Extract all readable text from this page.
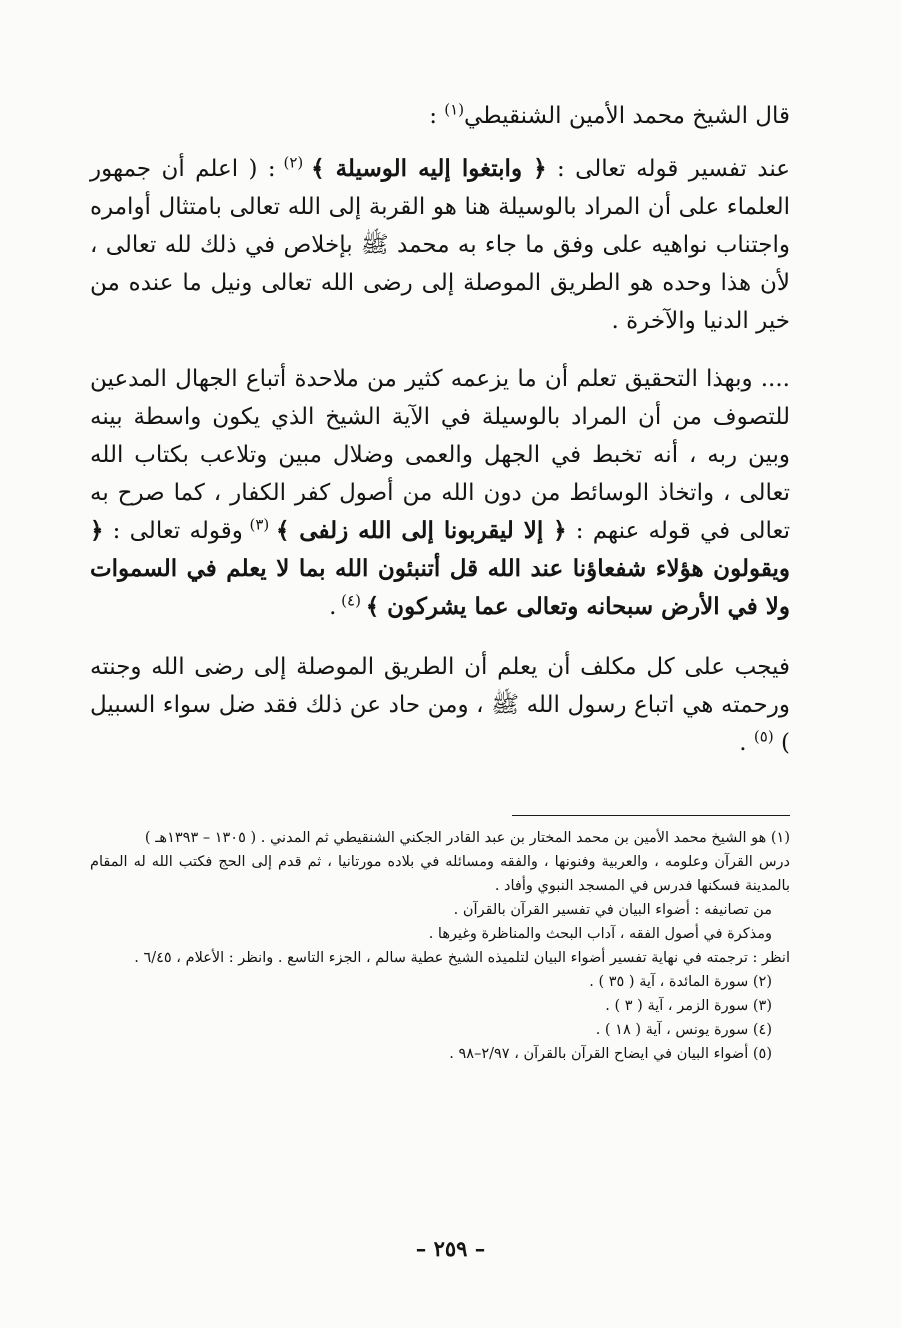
قال الشيخ محمد الأمين الشنقيطي$^{(١)}$ :

عند تفسير قوله تعالى : ﴿ وابتغوا إليه الوسيلة ﴾ $^{(٢)}$ : ( اعلم أن جمهور العلماء على أن المراد بالوسيلة هنا هو القربة إلى الله تعالى بامتثال أوامره واجتناب نواهيه على وفق ما جاء به محمد ﷺ بإخلاص في ذلك لله تعالى ، لأن هذا وحده هو الطريق الموصلة إلى رضى الله تعالى ونيل ما عنده من خير الدنيا والآخرة .

.... وبهذا التحقيق تعلم أن ما يزعمه كثير من ملاحدة أتباع الجهال المدعين للتصوف من أن المراد بالوسيلة في الآية الشيخ الذي يكون واسطة بينه وبين ربه ، أنه تخبط في الجهل والعمى وضلال مبين وتلاعب بكتاب الله تعالى ، واتخاذ الوسائط من دون الله من أصول كفر الكفار ، كما صرح به تعالى في قوله عنهم : ﴿ إلا ليقربونا إلى الله زلفى ﴾ $^{(٣)}$ وقوله تعالى : ﴿ ويقولون هؤلاء شفعاؤنا عند الله قل أتنبئون الله بما لا يعلم في السموات ولا في الأرض سبحانه وتعالى عما يشركون ﴾ $^{(٤)}$ .

فيجب على كل مكلف أن يعلم أن الطريق الموصلة إلى رضى الله وجنته ورحمته هي اتباع رسول الله ﷺ ، ومن حاد عن ذلك فقد ضل سواء السبيل ) $^{(٥)}$ .

(١) هو الشيخ محمد الأمين بن محمد المختار بن عبد القادر الجكني الشنقيطي ثم المدني . ( ١٣٠٥ – ١٣٩٣هـ )

درس القرآن وعلومه ، والعربية وفنونها ، والفقه ومسائله في بلاده مورتانيا ، ثم قدم إلى الحج فكتب الله له المقام بالمدينة فسكنها فدرس في المسجد النبوي وأفاد .

من تصانيفه : أضواء البيان في تفسير القرآن بالقرآن .

ومذكرة في أصول الفقه ، آداب البحث والمناظرة وغيرها .

انظر : ترجمته في نهاية تفسير أضواء البيان لتلميذه الشيخ عطية سالم ، الجزء التاسع . وانظر : الأعلام ، ٦/٤٥ .

(٢) سورة المائدة ، آية ( ٣٥ ) .

(٣) سورة الزمر ، آية ( ٣ ) .

(٤) سورة يونس ، آية ( ١٨ ) .

(٥) أضواء البيان في ايضاح القرآن بالقرآن ، ٢/٩٧–٩٨ .

– ٢٥٩ –
